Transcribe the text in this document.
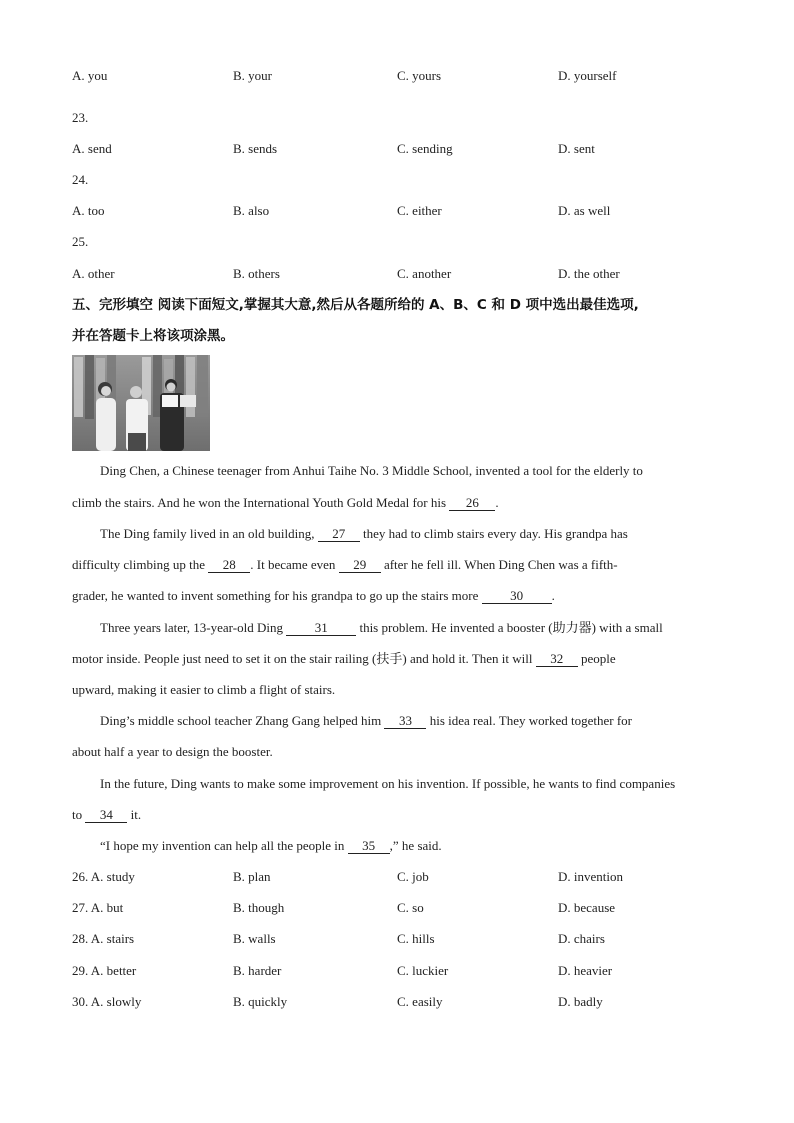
A. you	B. your	C. yours	D. yourself
23.
A. send	B. sends	C. sending	D. sent
24.
A. too	B. also	C. either	D. as well
25.
A. other	B. others	C. another	D. the other
五、完形填空 阅读下面短文,掌握其大意,然后从各题所给的 A、B、C 和 D 项中选出最佳选项,
并在答题卡上将该项涂黑。
Ding Chen, a Chinese teenager from Anhui Taihe No. 3 Middle School, invented a tool for the elderly to
climb the stairs. And he won the International Youth Gold Medal for his 26 .
The Ding family lived in an old building, 27 they had to climb stairs every day. His grandpa has
difficulty climbing up the 28 . It became even 29 after he fell ill. When Ding Chen was a fifth-
grader, he wanted to invent something for his grandpa to go up the stairs more 30 .
Three years later, 13-year-old Ding 31 this problem. He invented a booster (助力器) with a small
motor inside. People just need to set it on the stair railing (扶手) and hold it. Then it will 32 people
upward, making it easier to climb a flight of stairs.
Ding’s middle school teacher Zhang Gang helped him 33 his idea real. They worked together for
about half a year to design the booster.
In the future, Ding wants to make some improvement on his invention. If possible, he wants to find companies
to 34 it.
“I hope my invention can help all the people in 35 ,” he said.
26. A. study	B. plan	C. job	D. invention
27. A. but	B. though	C. so	D. because
28. A. stairs	B. walls	C. hills	D. chairs
29. A. better	B. harder	C. luckier	D. heavier
30. A. slowly	B. quickly	C. easily	D. badly
